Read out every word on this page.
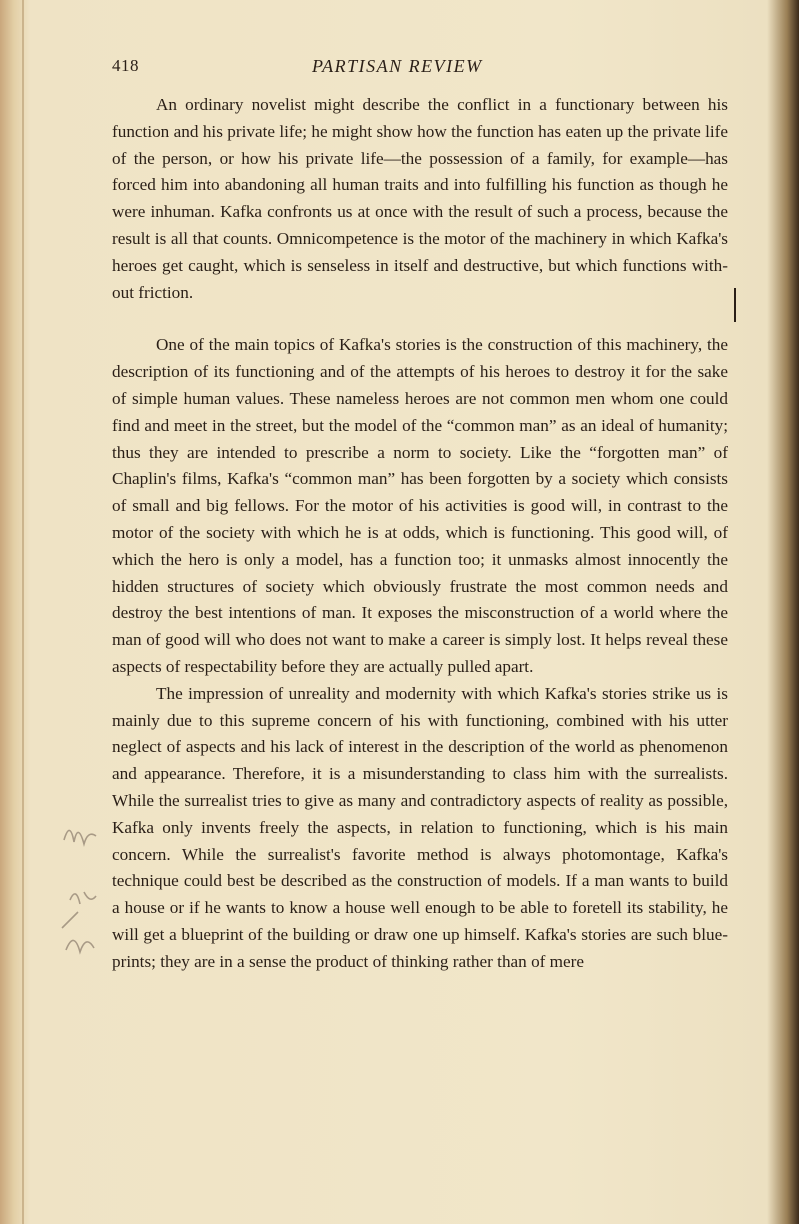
418	PARTISAN REVIEW

An ordinary novelist might describe the conflict in a functionary between his function and his private life; he might show how the function has eaten up the private life of the person, or how his private life—the possession of a family, for example—has forced him into abandoning all human traits and into fulfilling his function as though he were inhuman. Kafka confronts us at once with the result of such a process, because the result is all that counts. Omnicompetence is the motor of the machinery in which Kafka's heroes get caught, which is senseless in itself and destructive, but which functions without friction.

One of the main topics of Kafka's stories is the construction of this machinery, the description of its functioning and of the attempts of his heroes to destroy it for the sake of simple human values. These nameless heroes are not common men whom one could find and meet in the street, but the model of the “common man” as an ideal of humanity; thus they are intended to prescribe a norm to society. Like the “forgotten man” of Chaplin's films, Kafka's “common man” has been forgotten by a society which consists of small and big fellows. For the motor of his activities is good will, in contrast to the motor of the society with which he is at odds, which is functioning. This good will, of which the hero is only a model, has a function too; it unmasks almost innocently the hidden structures of society which obviously frustrate the most common needs and destroy the best intentions of man. It exposes the misconstruction of a world where the man of good will who does not want to make a career is simply lost. It helps reveal these aspects of respectability before they are actually pulled apart.

The impression of unreality and modernity with which Kafka's stories strike us is mainly due to this supreme concern of his with functioning, combined with his utter neglect of aspects and his lack of interest in the description of the world as phenomenon and appearance. Therefore, it is a misunderstanding to class him with the surrealists. While the surrealist tries to give as many and contradictory aspects of reality as possible, Kafka only invents freely the aspects, in relation to functioning, which is his main concern. While the surrealist's favorite method is always photomontage, Kafka's technique could best be described as the construction of models. If a man wants to build a house or if he wants to know a house well enough to be able to foretell its stability, he will get a blueprint of the building or draw one up himself. Kafka's stories are such blueprints; they are in a sense the product of thinking rather than of mere
